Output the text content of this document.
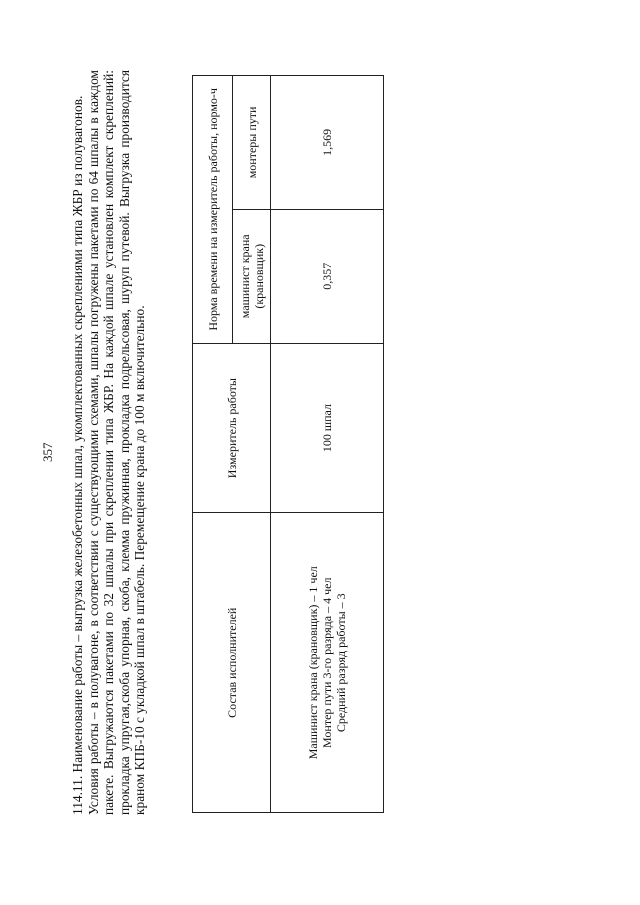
357 114.11. Наименование работы – выгрузка железобетонных шпал, укомплектованных скреплениями типа ЖБР из полувагонов. Условия работы – в полувагоне, в соответствии с существующими схемами, шпалы погружены пакетами по 64 шпалы в каждом пакете. Выгружаются пакетами по 32 шпалы при скреплении типа ЖБР. На каждой шпале установлен комплект скреплений: прокладка упругая,скоба упорная, скоба, клемма пружинная, прокладка подрельсовая, шуруп путевой. Выгрузка производится краном КПБ-10 с укладкой шпал в штабель. Перемещение крана до 100 м включительно.	Состав исполнителей	Измеритель работы	Норма времени на измеритель работы, нормо-ч	
		машинист крана (крановщик)	монтеры пути

Машинист крана (крановщик) – 1 чел Монтер пути 3-го разряда – 4 чел Средний разряд работы – 3	100 шпал	0,357	1,569
